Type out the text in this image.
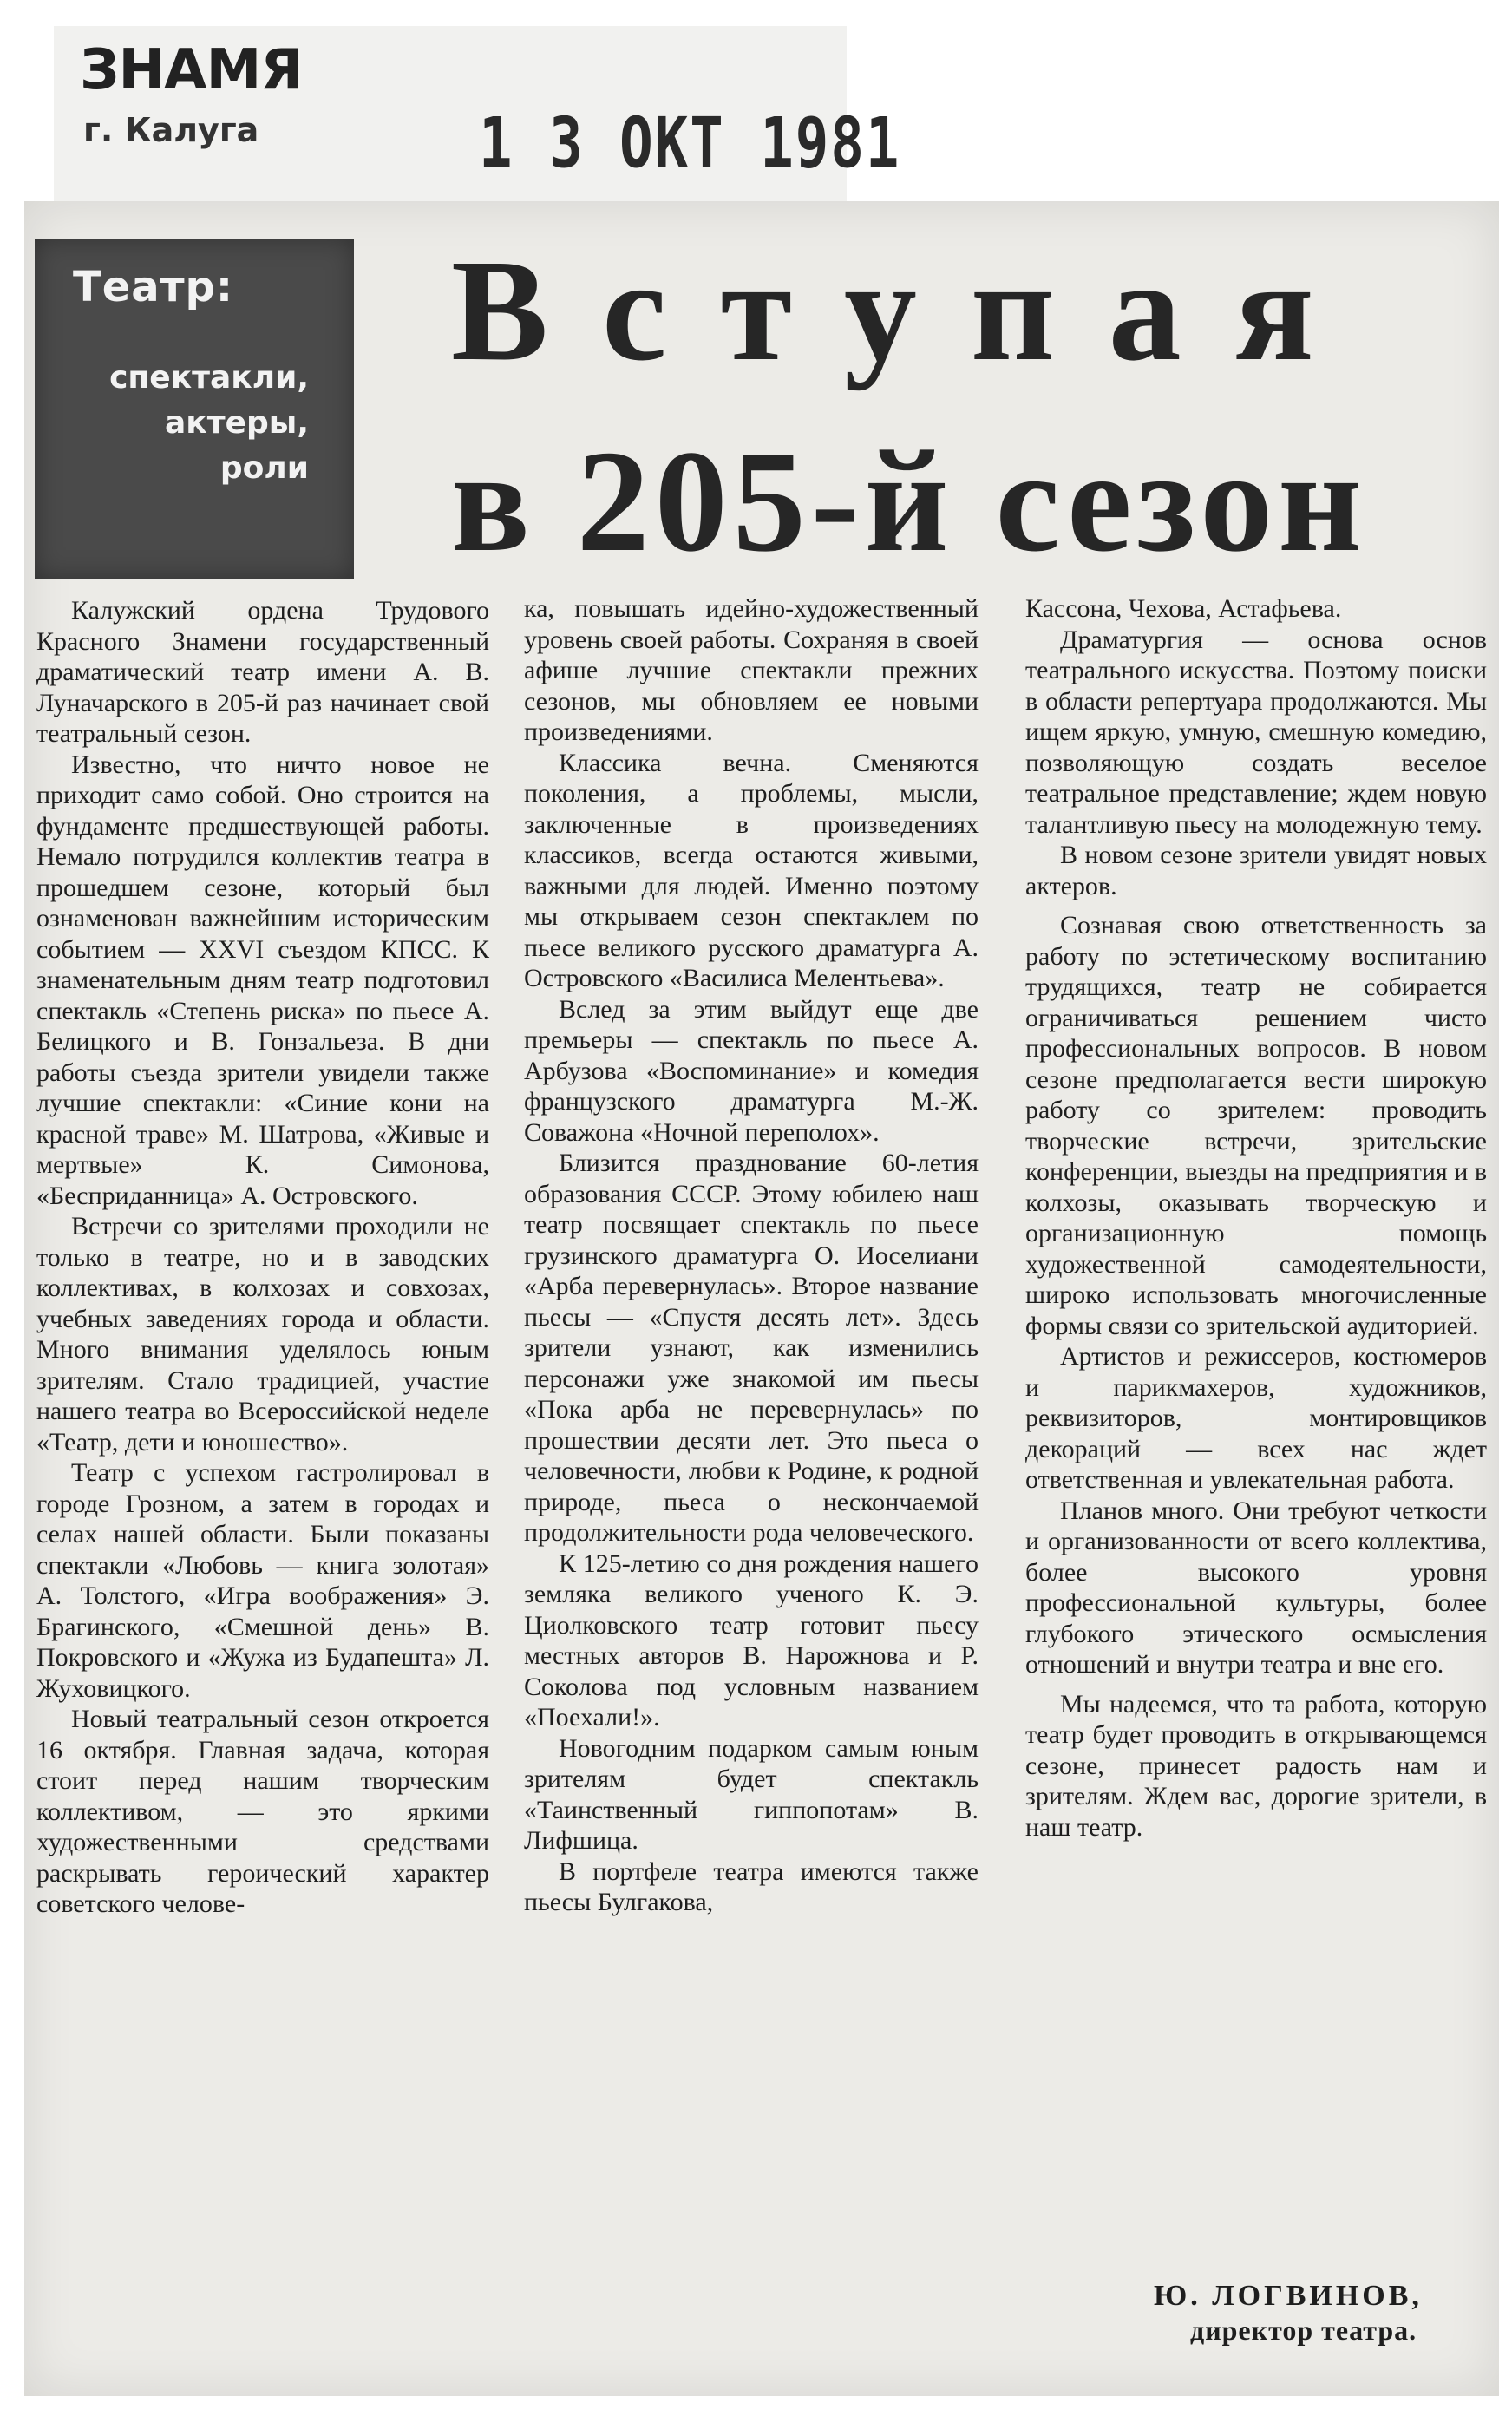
ЗНАМЯ

г. Калуга	1 3 ОКТ 1981

Театр:

спектакли,

актеры,

роли

Вступая
в 205-й сезон

Калужский ордена Трудового Красного Знамени государственный драматический театр имени А. В. Луначарского в 205-й раз начинает свой театральный сезон.

Известно, что ничто новое не приходит само собой. Оно строится на фундаменте предшествующей работы. Немало потрудился коллектив театра в прошедшем сезоне, который был ознаменован важнейшим историческим событием — XXVI съездом КПСС. К знаменательным дням театр подготовил спектакль «Степень риска» по пьесе А. Белицкого и В. Гонзальеза. В дни работы съезда зрители увидели также лучшие спектакли: «Синие кони на красной траве» М. Шатрова, «Живые и мертвые» К. Симонова, «Бесприданница» А. Островского.

Встречи со зрителями проходили не только в театре, но и в заводских коллективах, в колхозах и совхозах, учебных заведениях города и области. Много внимания уделялось юным зрителям. Стало традицией, участие нашего театра во Всероссийской неделе «Театр, дети и юношество».

Театр с успехом гастролировал в городе Грозном, а затем в городах и селах нашей области. Были показаны спектакли «Любовь — книга золотая» А. Толстого, «Игра воображения» Э. Брагинского, «Смешной день» В. Покровского и «Жужа из Будапешта» Л. Жуховицкого.

Новый театральный сезон откроется 16 октября. Главная задача, которая стоит перед нашим творческим коллективом, — это яркими художественными средствами раскрывать героический характер советского челове-

ка, повышать идейно-художественный уровень своей работы. Сохраняя в своей афише лучшие спектакли прежних сезонов, мы обновляем ее новыми произведениями.

Классика вечна. Сменяются поколения, а проблемы, мысли, заключенные в произведениях классиков, всегда остаются живыми, важными для людей. Именно поэтому мы открываем сезон спектаклем по пьесе великого русского драматурга А. Островского «Василиса Мелентьева».

Вслед за этим выйдут еще две премьеры — спектакль по пьесе А. Арбузова «Воспоминание» и комедия французского драматурга М.-Ж. Соважона «Ночной переполох».

Близится празднование 60-летия образования СССР. Этому юбилею наш театр посвящает спектакль по пьесе грузинского драматурга О. Иоселиани «Арба перевернулась». Второе название пьесы — «Спустя десять лет». Здесь зрители узнают, как изменились персонажи уже знакомой им пьесы «Пока арба не перевернулась» по прошествии десяти лет. Это пьеса о человечности, любви к Родине, к родной природе, пьеса о нескончаемой продолжительности рода человеческого.

К 125-летию со дня рождения нашего земляка великого ученого К. Э. Циолковского театр готовит пьесу местных авторов В. Нарожнова и Р. Соколова под условным названием «Поехали!».

Новогодним подарком самым юным зрителям будет спектакль «Таинственный гиппопотам» В. Лифшица.

В портфеле театра имеются также пьесы Булгакова,

Кассона, Чехова, Астафьева.

Драматургия — основа основ театрального искусства. Поэтому поиски в области репертуара продолжаются. Мы ищем яркую, умную, смешную комедию, позволяющую создать веселое театральное представление; ждем новую талантливую пьесу на молодежную тему.

В новом сезоне зрители увидят новых актеров.

Сознавая свою ответственность за работу по эстетическому воспитанию трудящихся, театр не собирается ограничиваться решением чисто профессиональных вопросов. В новом сезоне предполагается вести широкую работу со зрителем: проводить творческие встречи, зрительские конференции, выезды на предприятия и в колхозы, оказывать творческую и организационную помощь художественной самодеятельности, широко использовать многочисленные формы связи со зрительской аудиторией.

Артистов и режиссеров, костюмеров и парикмахеров, художников, реквизиторов, монтировщиков декораций — всех нас ждет ответственная и увлекательная работа.

Планов много. Они требуют четкости и организованности от всего коллектива, более высокого уровня профессиональной культуры, более глубокого этического осмысления отношений и внутри театра и вне его.

Мы надеемся, что та работа, которую театр будет проводить в открывающемся сезоне, принесет радость нам и зрителям. Ждем вас, дорогие зрители, в наш театр.

Ю. ЛОГВИНОВ,

директор театра.
